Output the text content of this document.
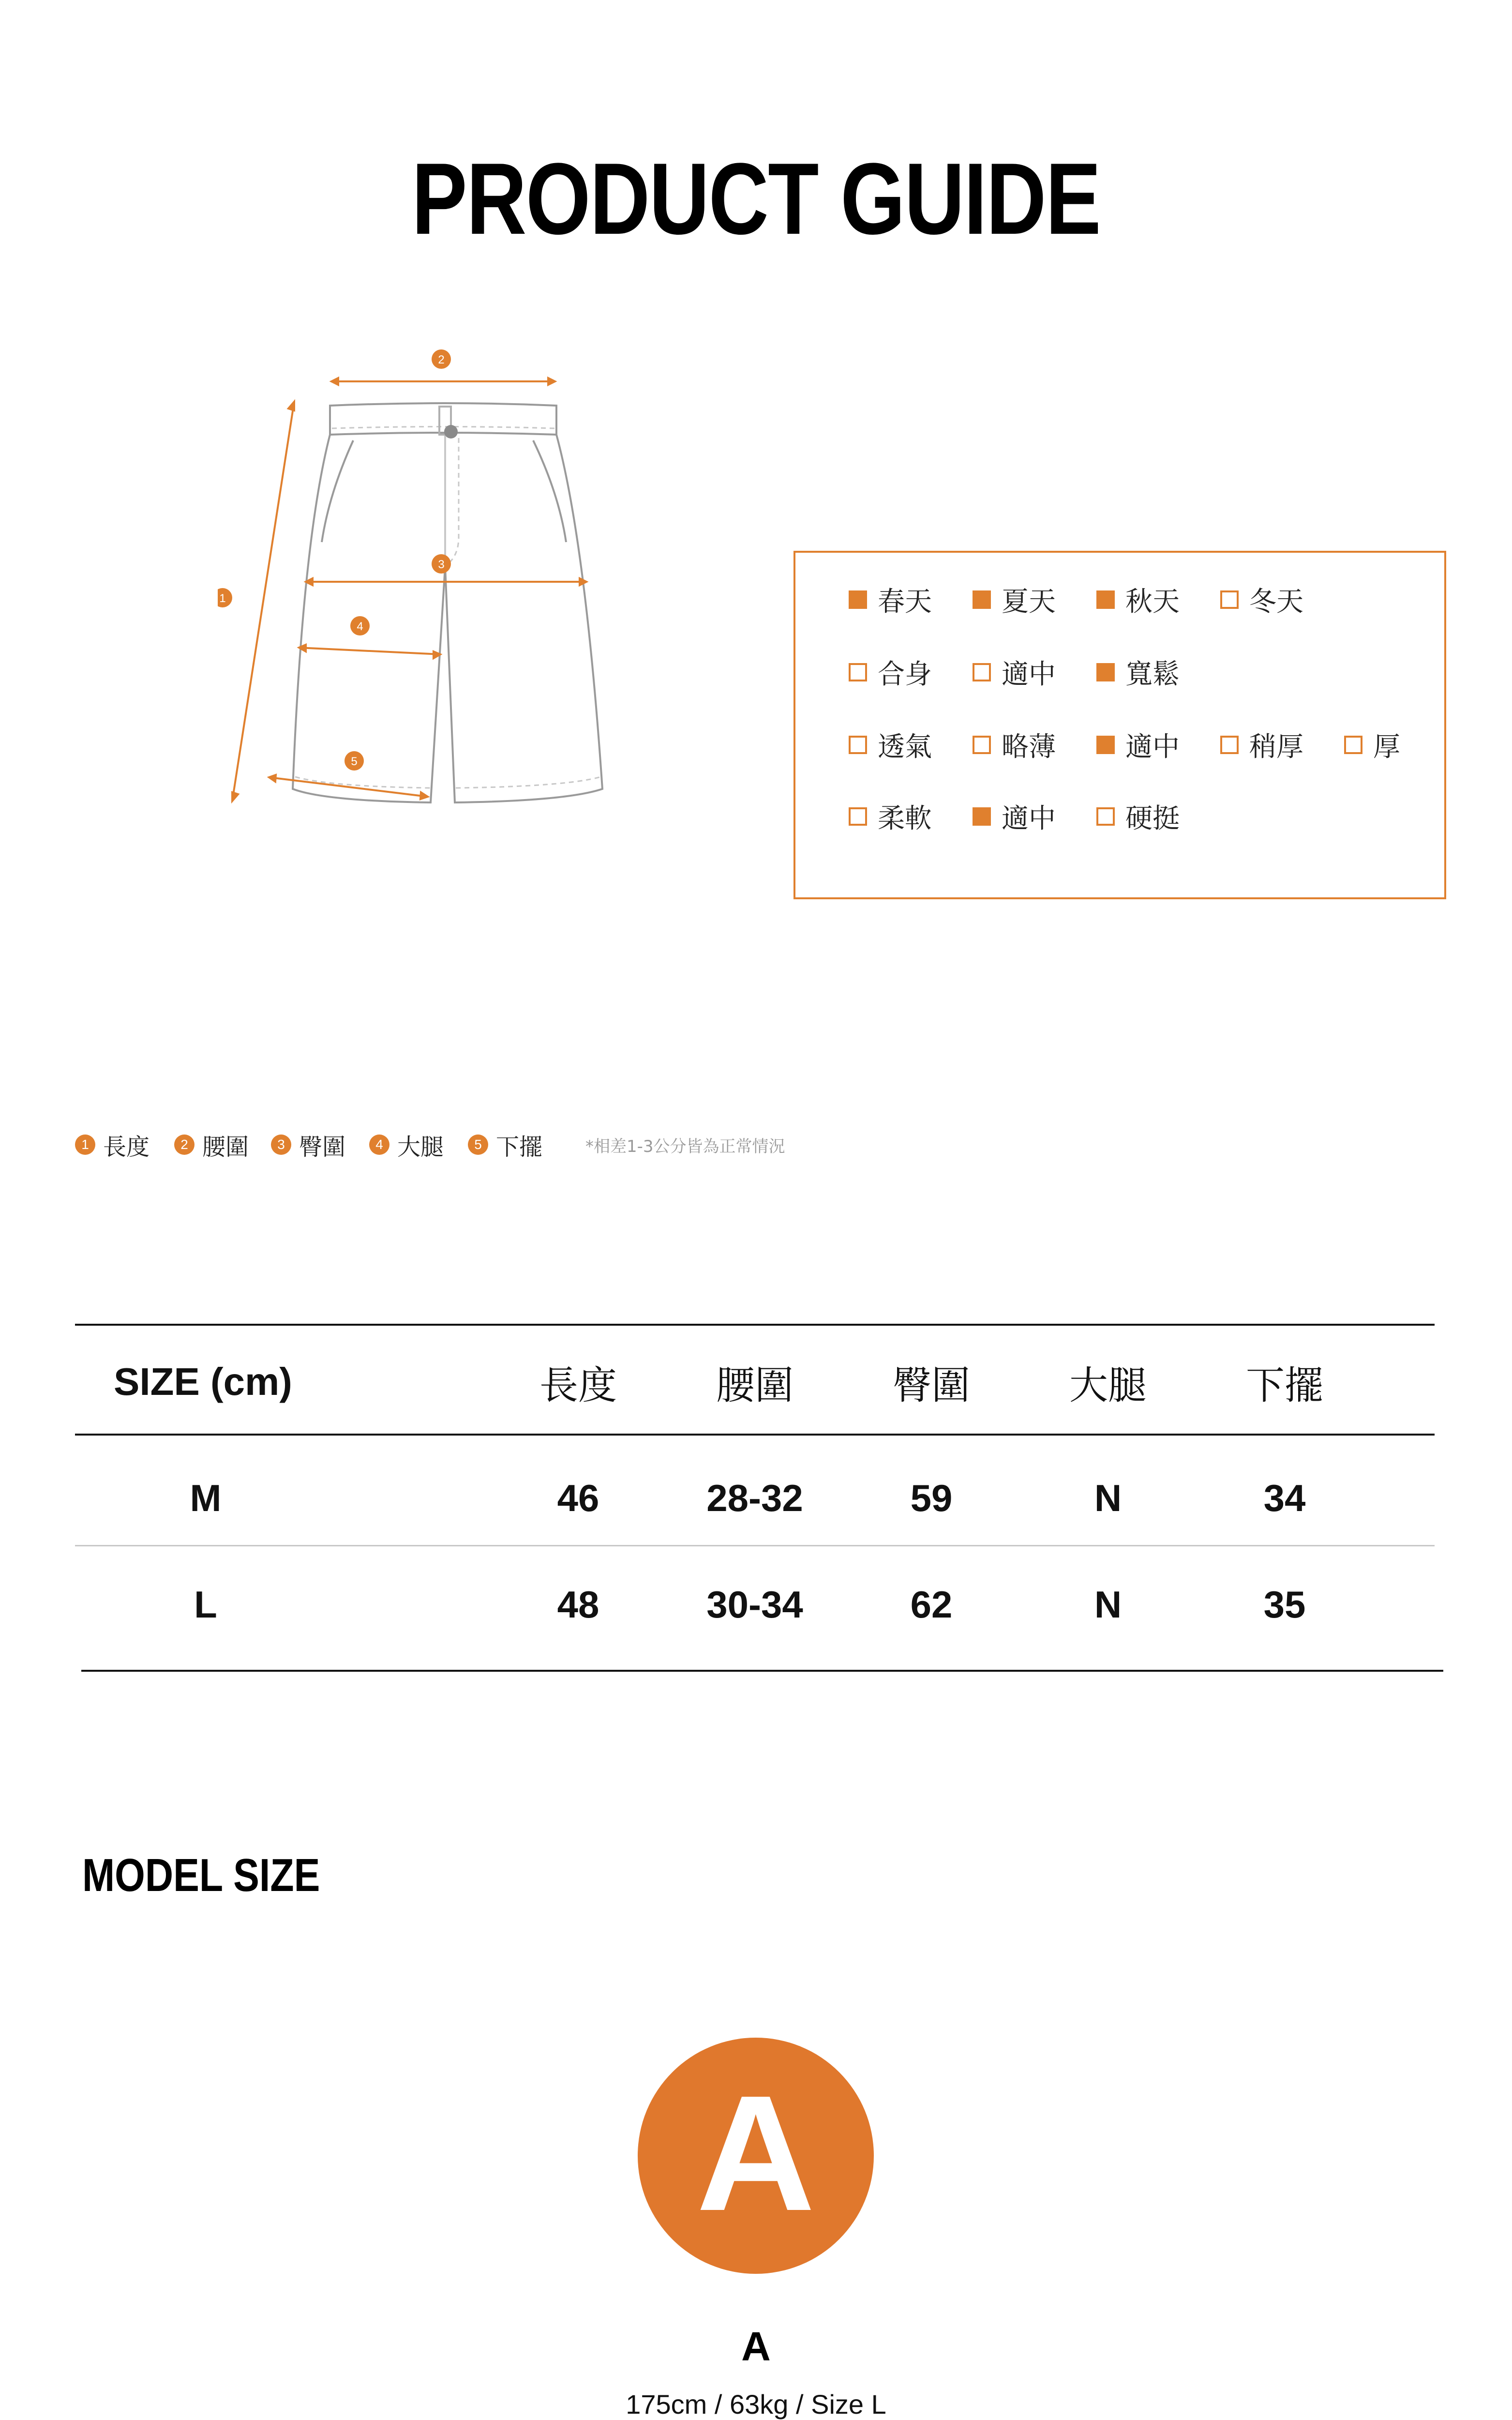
PRODUCT GUIDE
2
1
3
4
5
春天	夏天	秋天	冬天
合身	適中	寬鬆
透氣	略薄	適中	稍厚	厚
柔軟	適中	硬挺
1 長度	2 腰圍	3 臀圍	4 大腿	5 下擺	*相差1-3公分皆為正常情況
SIZE (cm)	長度	腰圍	臀圍	大腿	下擺
M	46	28-32	59	N	34
L	48	30-34	62	N	35
MODEL SIZE
A
A
175cm / 63kg / Size L
